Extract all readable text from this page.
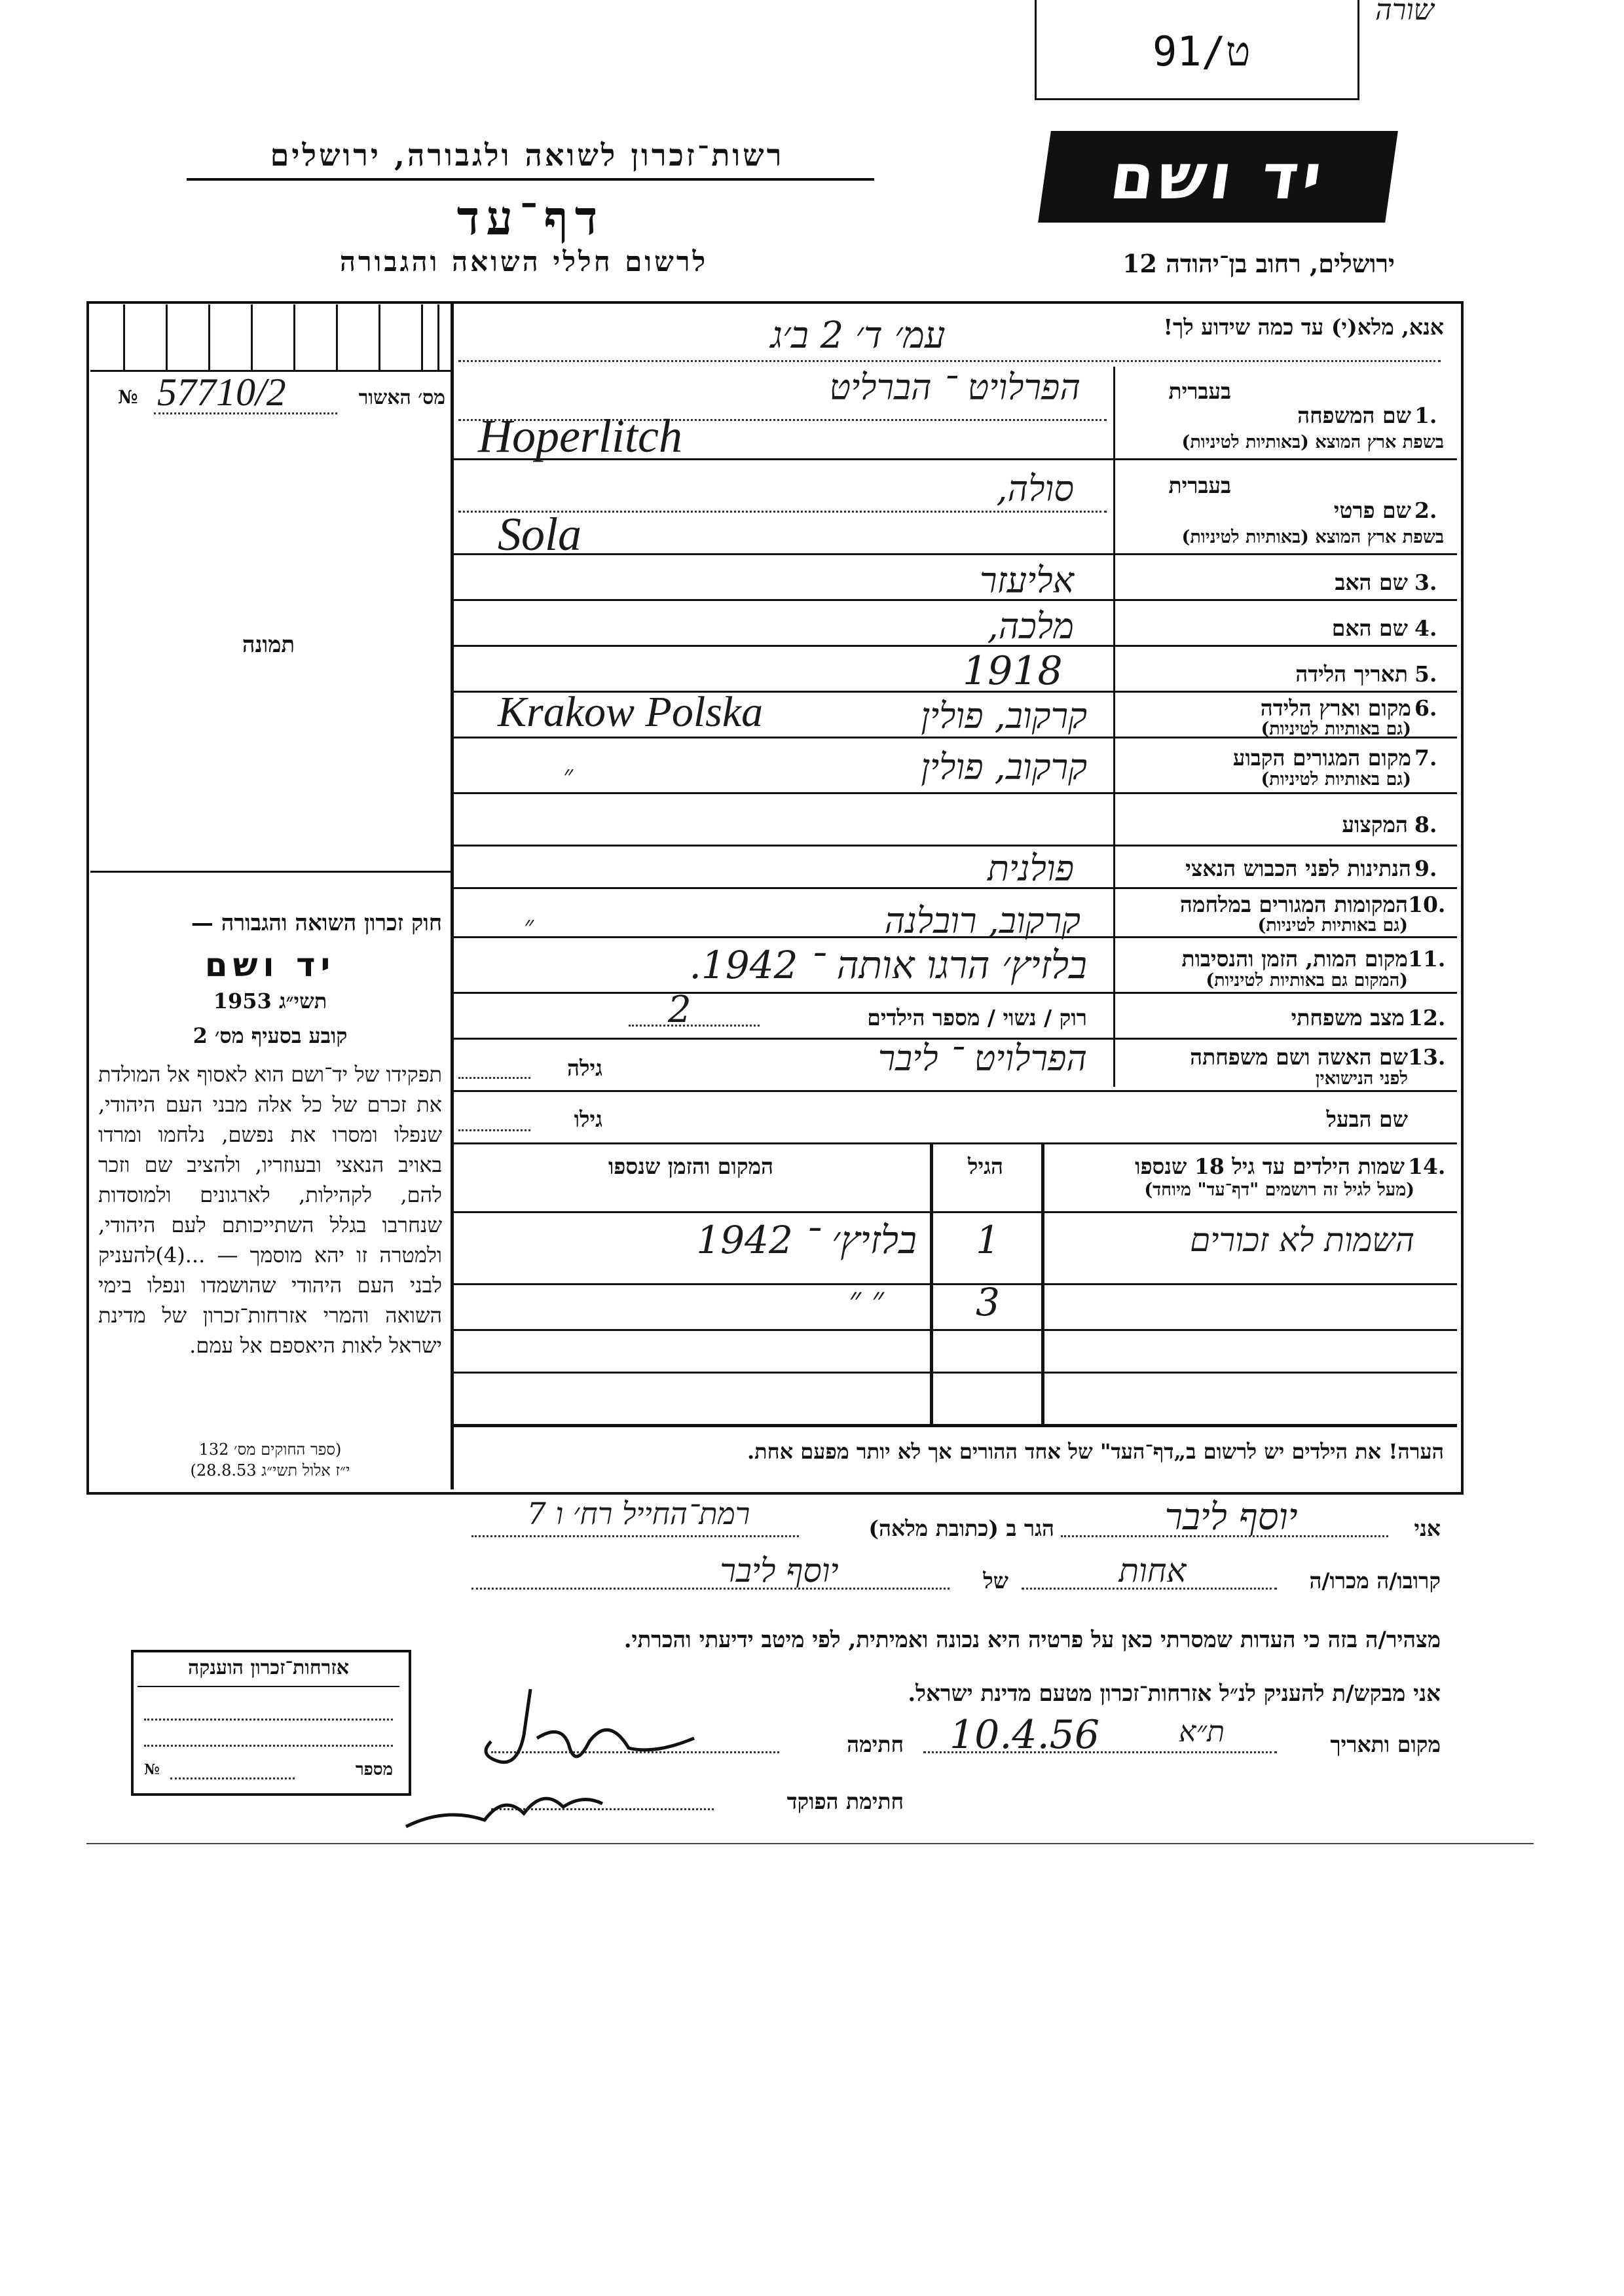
שורה
91/ט
רשות־זכרון לשואה ולגבורה, ירושלים
דף־עד
לרשום חללי השואה והגבורה
יד ושם
ירושלים, רחוב בן־יהודה 12
אנא, מלא(י) עד כמה שידוע לך!
עמ׳ ד׳ 2 ב׳ג
מס׳ האשור
№ 57710/2
תמונה
1.
שם המשפחה
בעברית
בשפת ארץ המוצא (באותיות לטיניות)
הפרלויט ־ הברליט
Hoperlitch
2.
שם פרטי
בעברית
בשפת ארץ המוצא (באותיות לטיניות)
סולה,
Sola
3.
שם האב
אליעזר
4.
שם האם
מלכה,
5.
תאריך הלידה
1918
6.
מקום וארץ הלידה
(גם באותיות לטיניות)
קרקוב, פולין
Krakow Polska
7.
מקום המגורים הקבוע
(גם באותיות לטיניות)
קרקוב, פולין
״
8.
המקצוע
9.
הנתינות לפני הכבוש הנאצי
פולנית
10.
המקומות המגורים במלחמה
(גם באותיות לטיניות)
קרקוב, רובלנה
״
11.
מקום המות, הזמן והנסיבות
(המקום גם באותיות לטיניות)
בלזיץ׳ הרגו אותה ־ 1942.
12.
מצב משפחתי
רוק / נשוי / מספר הילדים
2
13.
שם האשה ושם משפחתה
לפני הנישואין
הפרלויט ־ ליבר
גילה
שם הבעל
גילו
14.
שמות הילדים עד גיל 18 שנספו
(מעל לגיל זה רושמים "דף־עד" מיוחד)
הגיל
המקום והזמן שנספו
השמות לא זכורים
1
בלזיץ׳ ־ 1942
3
״ ״
הערה! את הילדים יש לרשום ב„דף־העד" של אחד ההורים אך לא יותר מפעם אחת.
חוק זכרון השואה והגבורה —
יד ושם
תשי״ג 1953
קובע בסעיף מס׳ 2
תפקידו של יד־ושם הוא לאסוף אל המולדת את זכרם של כל אלה מבני העם היהודי, שנפלו ומסרו את נפשם, נלחמו ומרדו באויב הנאצי ובעוזריו, ולהציב שם וזכר להם, לקהילות, לארגונים ולמוסדות שנחרבו בגלל השתייכותם לעם היהודי, ולמטרה זו יהא מוסמך — ...(4)להעניק לבני העם היהודי שהושמדו ונפלו בימי השואה והמרי אזרחות־זכרון של מדינת ישראל לאות היאספם אל עמם.
(ספר החוקים מס׳ 132
י״ז אלול תשי״ג 28.8.53)
אני
יוסף ליבר
הגר ב (כתובת מלאה)
רמת־החייל רח׳ ו 7
קרובו/ה מכרו/ה
אחות
של
יוסף ליבר
מצהיר/ה בזה כי העדות שמסרתי כאן על פרטיה היא נכונה ואמיתית, לפי מיטב ידיעתי והכרתי.
אני מבקש/ת להעניק לנ״ל אזרחות־זכרון מטעם מדינת ישראל.
מקום ותאריך
10.4.56	ת״א
חתימה
חתימת הפוקד
אזרחות־זכרון הוענקה
מספר
№
